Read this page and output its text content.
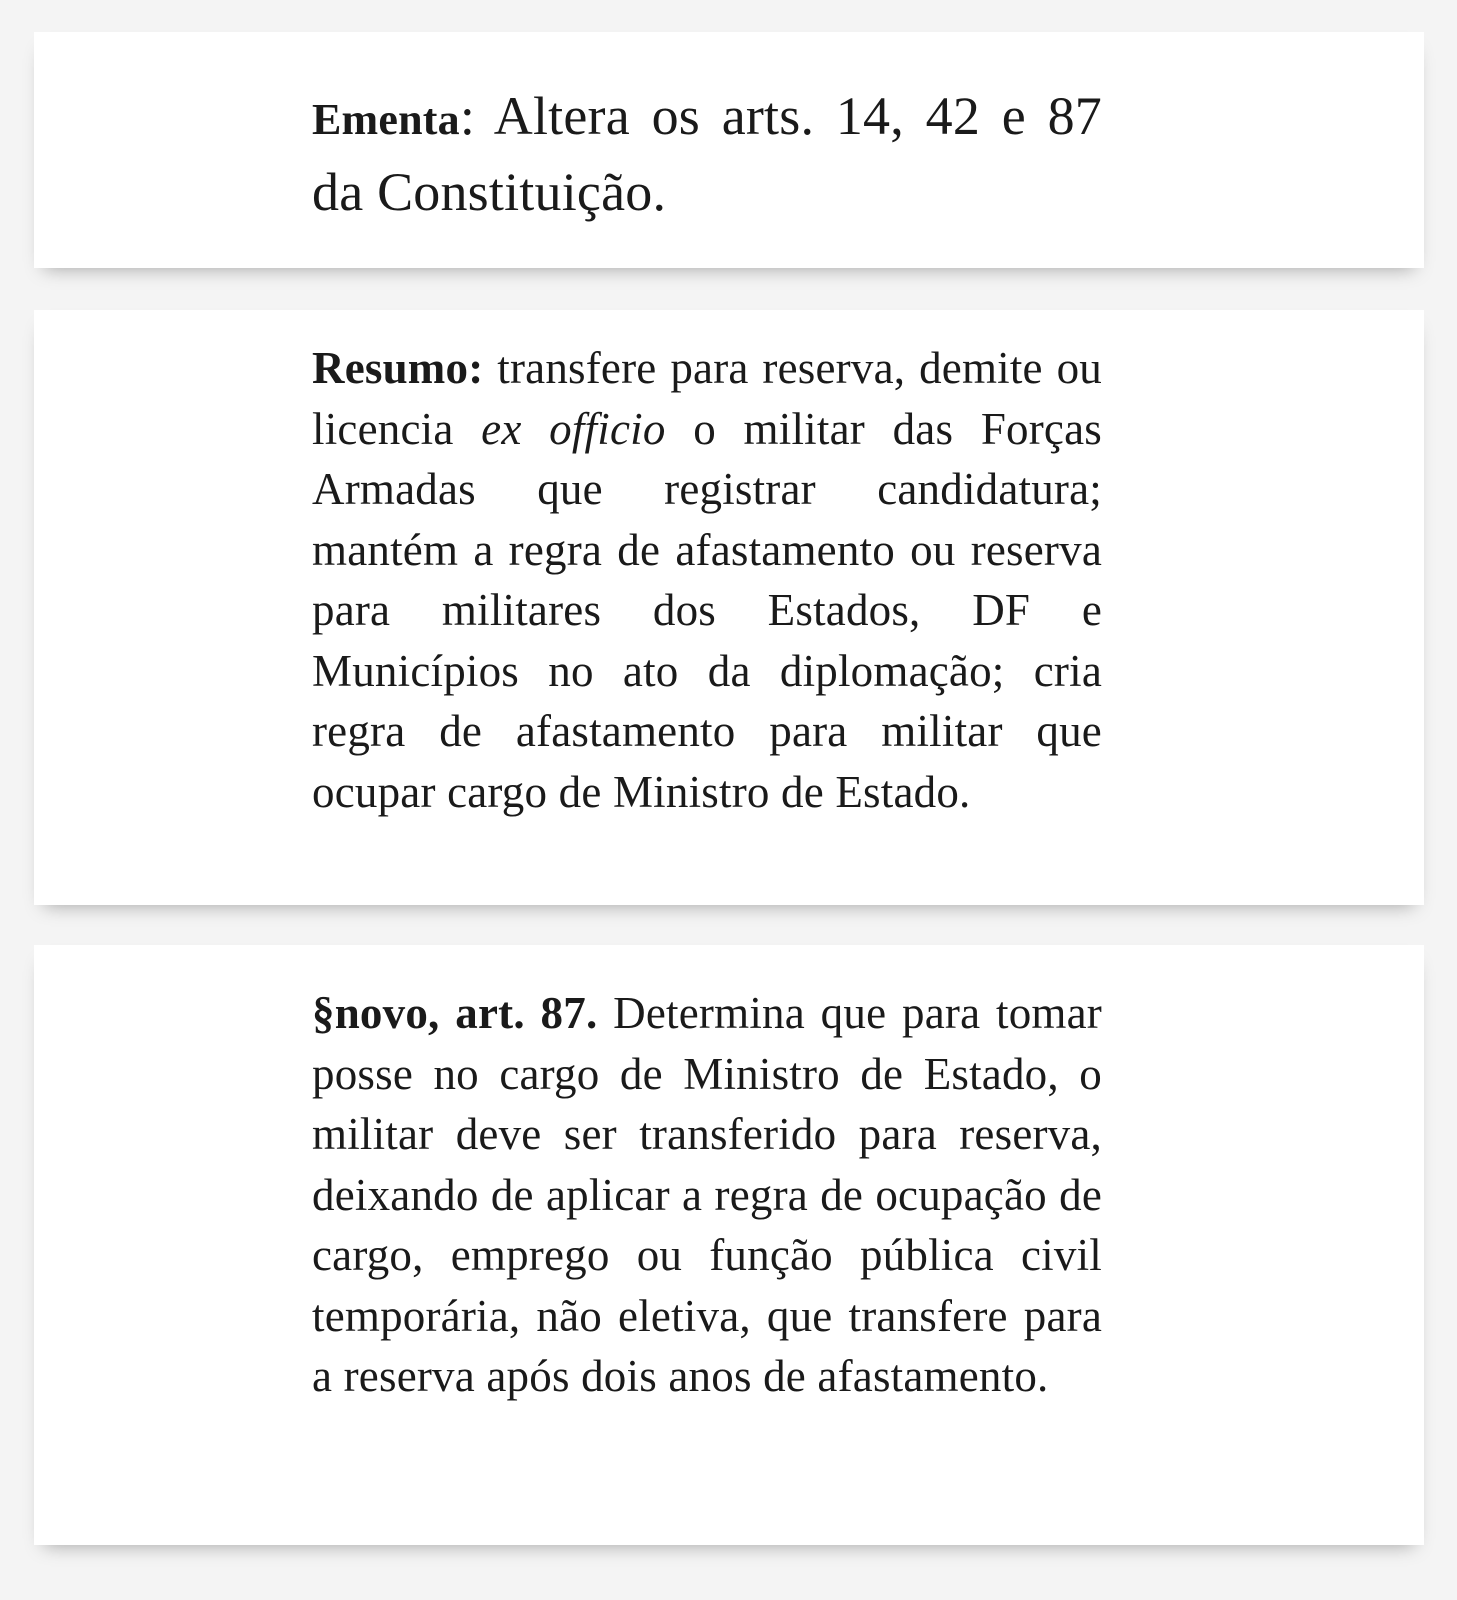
Ementa: Altera os arts. 14, 42 e 87 da Constituição.
Resumo: transfere para reserva, demite ou licencia ex officio o militar das Forças Armadas que registrar candidatura; mantém a regra de afastamento ou reserva para militares dos Estados, DF e Municípios no ato da diplomação; cria regra de afastamento para militar que ocupar cargo de Ministro de Estado.
§novo, art. 87. Determina que para tomar posse no cargo de Ministro de Estado, o militar deve ser transferido para reserva, deixando de aplicar a regra de ocupação de cargo, emprego ou função pública civil temporária, não eletiva, que transfere para a reserva após dois anos de afastamento.
